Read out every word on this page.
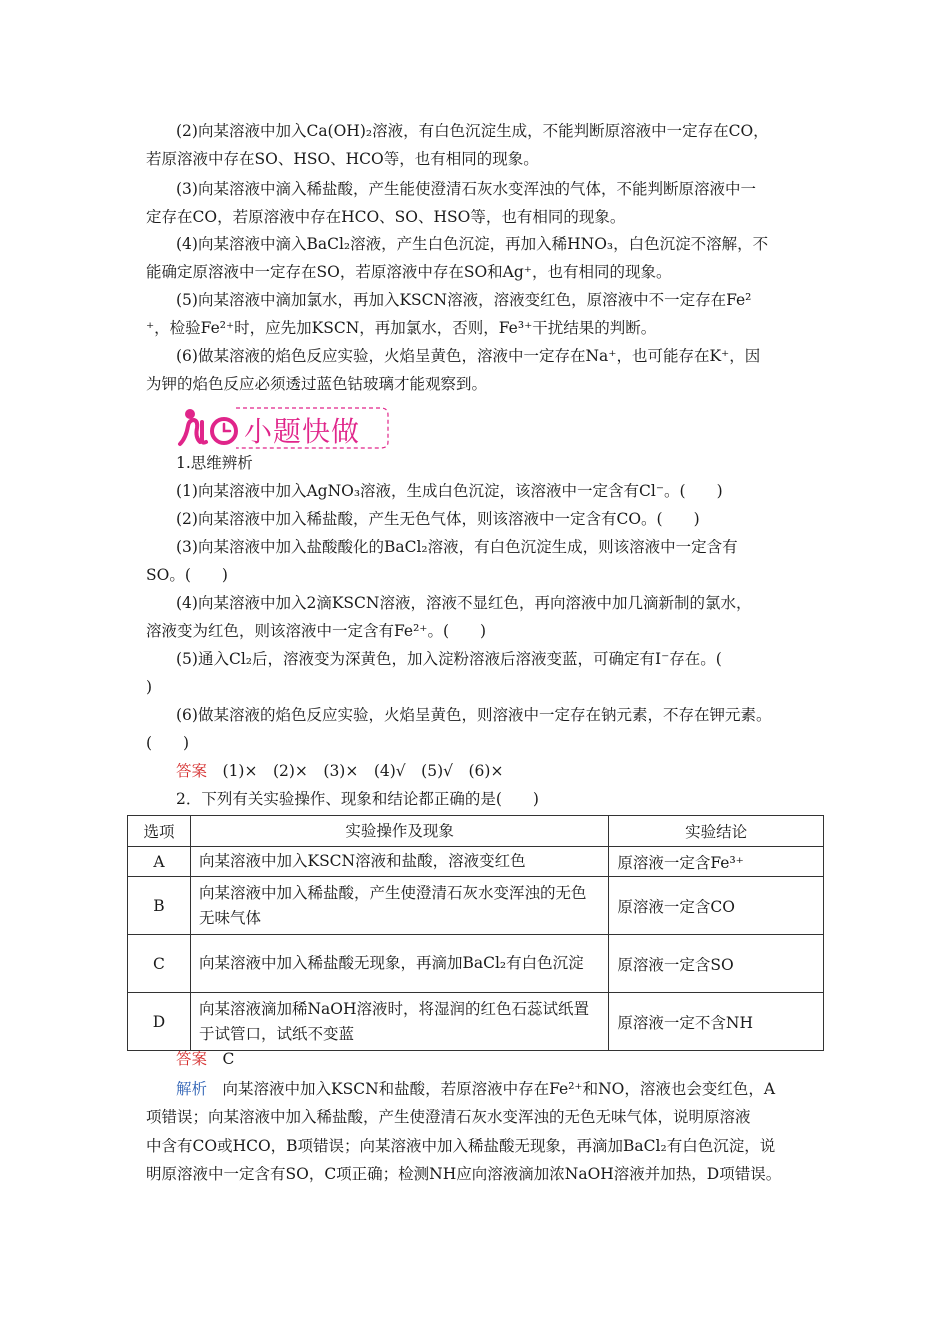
(2)向某溶液中加入Ca(OH)₂溶液，有白色沉淀生成，不能判断原溶液中一定存在CO，
若原溶液中存在SO、HSO、HCO等，也有相同的现象。
(3)向某溶液中滴入稀盐酸，产生能使澄清石灰水变浑浊的气体，不能判断原溶液中一
定存在CO，若原溶液中存在HCO、SO、HSO等，也有相同的现象。
(4)向某溶液中滴入BaCl₂溶液，产生白色沉淀，再加入稀HNO₃，白色沉淀不溶解，不
能确定原溶液中一定存在SO，若原溶液中存在SO和Ag⁺，也有相同的现象。
(5)向某溶液中滴加氯水，再加入KSCN溶液，溶液变红色，原溶液中不一定存在Fe²
⁺，检验Fe²⁺时，应先加KSCN，再加氯水，否则，Fe³⁺干扰结果的判断。
(6)做某溶液的焰色反应实验，火焰呈黄色，溶液中一定存在Na⁺，也可能存在K⁺，因
为钾的焰色反应必须透过蓝色钴玻璃才能观察到。
小题快做
1.思维辨析
(1)向某溶液中加入AgNO₃溶液，生成白色沉淀，该溶液中一定含有Cl⁻。(　　)
(2)向某溶液中加入稀盐酸，产生无色气体，则该溶液中一定含有CO。(　　)
(3)向某溶液中加入盐酸酸化的BaCl₂溶液，有白色沉淀生成，则该溶液中一定含有
SO。(　　)
(4)向某溶液中加入2滴KSCN溶液，溶液不显红色，再向溶液中加几滴新制的氯水，
溶液变为红色，则该溶液中一定含有Fe²⁺。(　　)
(5)通入Cl₂后，溶液变为深黄色，加入淀粉溶液后溶液变蓝，可确定有I⁻存在。(
)
(6)做某溶液的焰色反应实验，火焰呈黄色，则溶液中一定存在钠元素，不存在钾元素。
(　　)
答案　(1)×　(2)×　(3)×　(4)√　(5)√　(6)×
2．下列有关实验操作、现象和结论都正确的是(　　)
选项	实验操作及现象	实验结论
A	向某溶液中加入KSCN溶液和盐酸，溶液变红色	原溶液一定含Fe³⁺
B	向某溶液中加入稀盐酸，产生使澄清石灰水变浑浊的无色无味气体	原溶液一定含CO
C	向某溶液中加入稀盐酸无现象，再滴加BaCl₂有白色沉淀	原溶液一定含SO
D	向某溶液滴加稀NaOH溶液时，将湿润的红色石蕊试纸置于试管口，试纸不变蓝	原溶液一定不含NH
答案　C
解析　向某溶液中加入KSCN和盐酸，若原溶液中存在Fe²⁺和NO，溶液也会变红色，A
项错误；向某溶液中加入稀盐酸，产生使澄清石灰水变浑浊的无色无味气体，说明原溶液
中含有CO或HCO，B项错误；向某溶液中加入稀盐酸无现象，再滴加BaCl₂有白色沉淀，说
明原溶液中一定含有SO，C项正确；检测NH应向溶液滴加浓NaOH溶液并加热，D项错误。
